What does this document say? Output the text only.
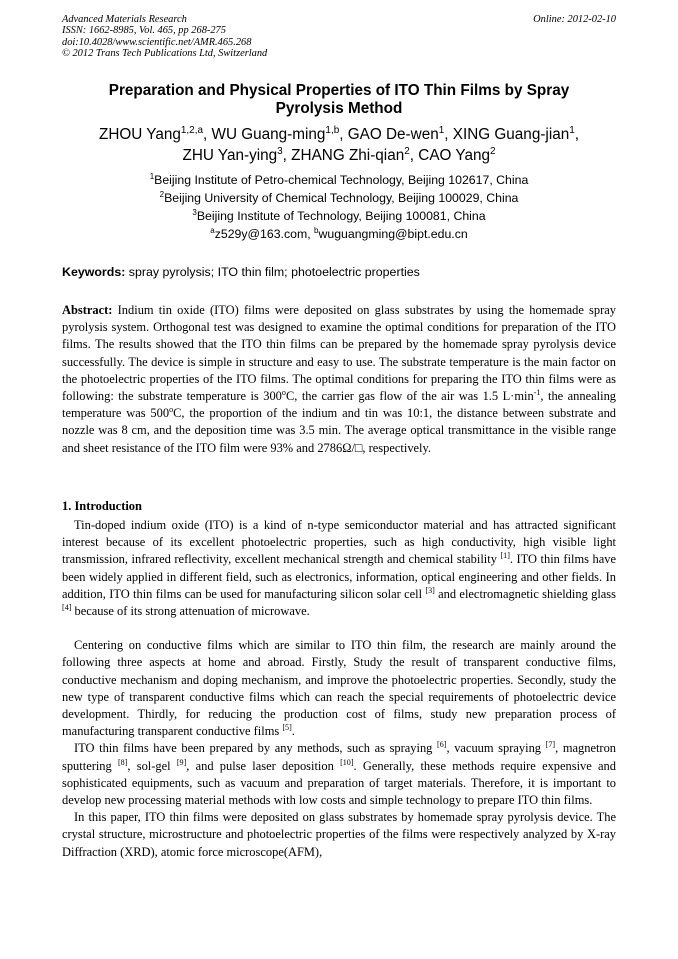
Advanced Materials Research
ISSN: 1662-8985, Vol. 465, pp 268-275
doi:10.4028/www.scientific.net/AMR.465.268
© 2012 Trans Tech Publications Ltd, Switzerland
Online: 2012-02-10
Preparation and Physical Properties of ITO Thin Films by Spray
Pyrolysis Method
ZHOU Yang$^{1,2,a}$, WU Guang-ming$^{1,b}$, GAO De-wen$^1$, XING Guang-jian$^1$,
ZHU Yan-ying$^3$, ZHANG Zhi-qian$^2$, CAO Yang$^2$
$^1$Beijing Institute of Petro-chemical Technology, Beijing 102617, China
$^2$Beijing University of Chemical Technology, Beijing 100029, China
$^3$Beijing Institute of Technology, Beijing 100081, China
$^a$z529y@163.com, $^b$wuguangming@bipt.edu.cn
Keywords: spray pyrolysis; ITO thin film; photoelectric properties

Abstract: Indium tin oxide (ITO) films were deposited on glass substrates by using the homemade spray pyrolysis system. Orthogonal test was designed to examine the optimal conditions for preparation of the ITO films. The results showed that the ITO thin films can be prepared by the homemade spray pyrolysis device successfully. The device is simple in structure and easy to use. The substrate temperature is the main factor on the photoelectric properties of the ITO films. The optimal conditions for preparing the ITO thin films were as following: the substrate temperature is 300$^o$C, the carrier gas flow of the air was 1.5 $L\cdot\min^{-1}$, the annealing temperature was 500$^o$C, the proportion of the indium and tin was 10:1, the distance between substrate and nozzle was 8 cm, and the deposition time was 3.5 min. The average optical transmittance in the visible range and sheet resistance of the ITO film were 93% and 2786Ω/□, respectively.

1. Introduction

Tin-doped indium oxide (ITO) is a kind of n-type semiconductor material and has attracted significant interest because of its excellent photoelectric properties, such as high conductivity, high visible light transmission, infrared reflectivity, excellent mechanical strength and chemical stability [1]. ITO thin films have been widely applied in different field, such as electronics, information, optical engineering and other fields. In addition, ITO thin films can be used for manufacturing silicon solar cell [3] and electromagnetic shielding glass [4] because of its strong attenuation of microwave.

Centering on conductive films which are similar to ITO thin film, the research are mainly around the following three aspects at home and abroad. Firstly, Study the result of transparent conductive films, conductive mechanism and doping mechanism, and improve the photoelectric properties. Secondly, study the new type of transparent conductive films which can reach the special requirements of photoelectric device development. Thirdly, for reducing the production cost of films, study new preparation process of manufacturing transparent conductive films [5].

ITO thin films have been prepared by any methods, such as spraying [6], vacuum spraying [7], magnetron sputtering [8], sol-gel [9], and pulse laser deposition [10]. Generally, these methods require expensive and sophisticated equipments, such as vacuum and preparation of target materials. Therefore, it is important to develop new processing material methods with low costs and simple technology to prepare ITO thin films.

In this paper, ITO thin films were deposited on glass substrates by homemade spray pyrolysis device. The crystal structure, microstructure and photoelectric properties of the films were respectively analyzed by X-ray Diffraction (XRD), atomic force microscope(AFM),
